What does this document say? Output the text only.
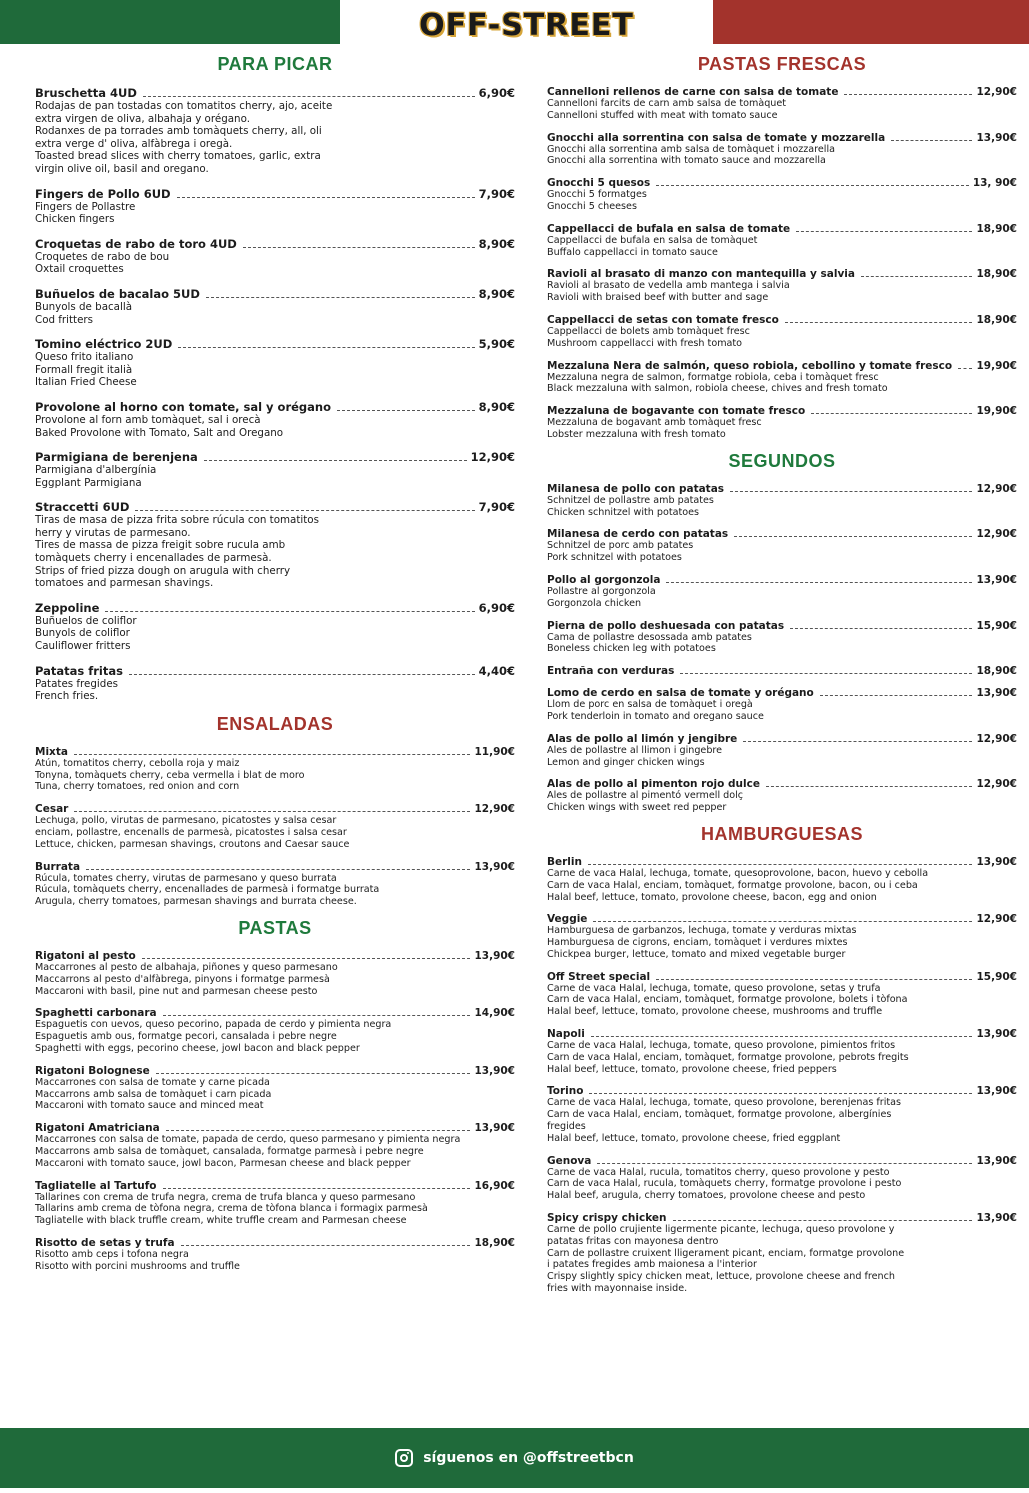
OFF-STREET
PARA PICAR
Bruschetta 4UD	6,90€
Rodajas de pan tostadas con tomatitos cherry, ajo, aceite
extra virgen de oliva, albahaja y orégano.
Rodanxes de pa torrades amb tomàquets cherry, all, oli
extra verge d' oliva, alfàbrega i oregà.
Toasted bread slices with cherry tomatoes, garlic, extra
virgin olive oil, basil and oregano.
Fingers de Pollo 6UD	7,90€
Fingers de Pollastre
Chicken fingers
Croquetas de rabo de toro 4UD	8,90€
Croquetes de rabo de bou
Oxtail croquettes
Buñuelos de bacalao 5UD	8,90€
Bunyols de bacallà
Cod fritters
Tomino eléctrico 2UD	5,90€
Queso frito italiano
Formall fregit italià
Italian Fried Cheese
Provolone al horno con tomate, sal y orégano	8,90€
Provolone al forn amb tomàquet, sal i orecà
Baked Provolone with Tomato, Salt and Oregano
Parmigiana de berenjena	12,90€
Parmigiana d'albergínia
Eggplant Parmigiana
Straccetti 6UD	7,90€
Tiras de masa de pizza frita sobre rúcula con tomatitos
herry y virutas de parmesano.
Tires de massa de pizza freigit sobre rucula amb
tomàquets cherry i encenallades de parmesà.
Strips of fried pizza dough on arugula with cherry
tomatoes and parmesan shavings.
Zeppoline	6,90€
Buñuelos de coliflor
Bunyols de coliflor
Cauliflower fritters
Patatas fritas	4,40€
Patates fregides
French fries.
ENSALADAS
Mixta	11,90€
Atún, tomatitos cherry, cebolla roja y maiz
Tonyna, tomàquets cherry, ceba vermella i blat de moro
Tuna, cherry tomatoes, red onion and corn
Cesar	12,90€
Lechuga, pollo, virutas de parmesano, picatostes y salsa cesar
enciam, pollastre, encenalls de parmesà, picatostes i salsa cesar
Lettuce, chicken, parmesan shavings, croutons and Caesar sauce
Burrata	13,90€
Rúcula, tomates cherry, virutas de parmesano y queso burrata
Rúcula, tomàquets cherry, encenallades de parmesà i formatge burrata
Arugula, cherry tomatoes, parmesan shavings and burrata cheese.
PASTAS
Rigatoni al pesto	13,90€
Maccarrones al pesto de albahaja, piñones y queso parmesano
Maccarrons al pesto d'alfàbrega, pinyons i formatge parmesà
Maccaroni with basil, pine nut and parmesan cheese pesto
Spaghetti carbonara	14,90€
Espaguetis con uevos, queso pecorino, papada de cerdo y pimienta negra
Espaguetis amb ous, formatge pecori, cansalada i pebre negre
Spaghetti with eggs, pecorino cheese, jowl bacon and black pepper
Rigatoni Bolognese	13,90€
Maccarrones con salsa de tomate y carne picada
Maccarrons amb salsa de tomàquet i carn picada
Maccaroni with tomato sauce and minced meat
Rigatoni Amatriciana	13,90€
Maccarrones con salsa de tomate, papada de cerdo, queso parmesano y pimienta negra
Maccarrons amb salsa de tomàquet, cansalada, formatge parmesà i pebre negre
Maccaroni with tomato sauce, jowl bacon, Parmesan cheese and black pepper
Tagliatelle al Tartufo	16,90€
Tallarines con crema de trufa negra, crema de trufa blanca y queso parmesano
Tallarins amb crema de tòfona negra, crema de tòfona blanca i formagix parmesà
Tagliatelle with black truffle cream, white truffle cream and Parmesan cheese
Risotto de setas y trufa	18,90€
Risotto amb ceps i tofona negra
Risotto with porcini mushrooms and truffle
PASTAS FRESCAS
Cannelloni rellenos de carne con salsa de tomate	12,90€
Cannelloni farcits de carn amb salsa de tomàquet
Cannelloni stuffed with meat with tomato sauce
Gnocchi alla sorrentina con salsa de tomate y mozzarella	13,90€
Gnocchi alla sorrentina amb salsa de tomàquet i mozzarella
Gnocchi alla sorrentina with tomato sauce and mozzarella
Gnocchi 5 quesos	13, 90€
Gnocchi 5 formatges
Gnocchi 5 cheeses
Cappellacci de bufala en salsa de tomate	18,90€
Cappellacci de bufala en salsa de tomàquet
Buffalo cappellacci in tomato sauce
Ravioli al brasato di manzo con mantequilla y salvia	18,90€
Ravioli al brasato de vedella amb mantega i salvia
Ravioli with braised beef with butter and sage
Cappellacci de setas con tomate fresco	18,90€
Cappellacci de bolets amb tomàquet fresc
Mushroom cappellacci with fresh tomato
Mezzaluna Nera de salmón, queso robiola, cebollino y tomate fresco 19,90€
Mezzaluna negra de salmon, formatge robiola, ceba i tomàquet fresc
Black mezzaluna with salmon, robiola cheese, chives and fresh tomato
Mezzaluna de bogavante con tomate fresco	19,90€
Mezzaluna de bogavant amb tomàquet fresc
Lobster mezzaluna with fresh tomato
SEGUNDOS
Milanesa de pollo con patatas	12,90€
Schnitzel de pollastre amb patates
Chicken schnitzel with potatoes
Milanesa de cerdo con patatas	12,90€
Schnitzel de porc amb patates
Pork schnitzel with potatoes
Pollo al gorgonzola	13,90€
Pollastre al gorgonzola
Gorgonzola chicken
Pierna de pollo deshuesada con patatas	15,90€
Cama de pollastre desossada amb patates
Boneless chicken leg with potatoes
Entraña con verduras	18,90€
Lomo de cerdo en salsa de tomate y orégano	13,90€
Llom de porc en salsa de tomàquet i oregà
Pork tenderloin in tomato and oregano sauce
Alas de pollo al limón y jengibre	12,90€
Ales de pollastre al llimon i gingebre
Lemon and ginger chicken wings
Alas de pollo al pimenton rojo dulce	12,90€
Ales de pollastre al pimentó vermell dolç
Chicken wings with sweet red pepper
HAMBURGUESAS
Berlin	13,90€
Carne de vaca Halal, lechuga, tomate, quesoprovolone, bacon, huevo y cebolla
Carn de vaca Halal, enciam, tomàquet, formatge provolone, bacon, ou i ceba
Halal beef, lettuce, tomato, provolone cheese, bacon, egg and onion
Veggie	12,90€
Hamburguesa de garbanzos, lechuga, tomate y verduras mixtas
Hamburguesa de cigrons, enciam, tomàquet i verdures mixtes
Chickpea burger, lettuce, tomato and mixed vegetable burger
Off Street special	15,90€
Carne de vaca Halal, lechuga, tomate, queso provolone, setas y trufa
Carn de vaca Halal, enciam, tomàquet, formatge provolone, bolets i tòfona
Halal beef, lettuce, tomato, provolone cheese, mushrooms and truffle
Napoli	13,90€
Carne de vaca Halal, lechuga, tomate, queso provolone, pimientos fritos
Carn de vaca Halal, enciam, tomàquet, formatge provolone, pebrots fregits
Halal beef, lettuce, tomato, provolone cheese, fried peppers
Torino	13,90€
Carne de vaca Halal, lechuga, tomate, queso provolone, berenjenas fritas
Carn de vaca Halal, enciam, tomàquet, formatge provolone, albergínies
fregides
Halal beef, lettuce, tomato, provolone cheese, fried eggplant
Genova	13,90€
Carne de vaca Halal, rucula, tomatitos cherry, queso provolone y pesto
Carn de vaca Halal, rucula, tomàquets cherry, formatge provolone i pesto
Halal beef, arugula, cherry tomatoes, provolone cheese and pesto
Spicy crispy chicken	13,90€
Carne de pollo crujiente ligermente picante, lechuga, queso provolone y
patatas fritas con mayonesa dentro
Carn de pollastre cruixent lligerament picant, enciam, formatge provolone
i patates fregides amb maionesa a l'interior
Crispy slightly spicy chicken meat, lettuce, provolone cheese and french
fries with mayonnaise inside.
síguenos en @offstreetbcn
